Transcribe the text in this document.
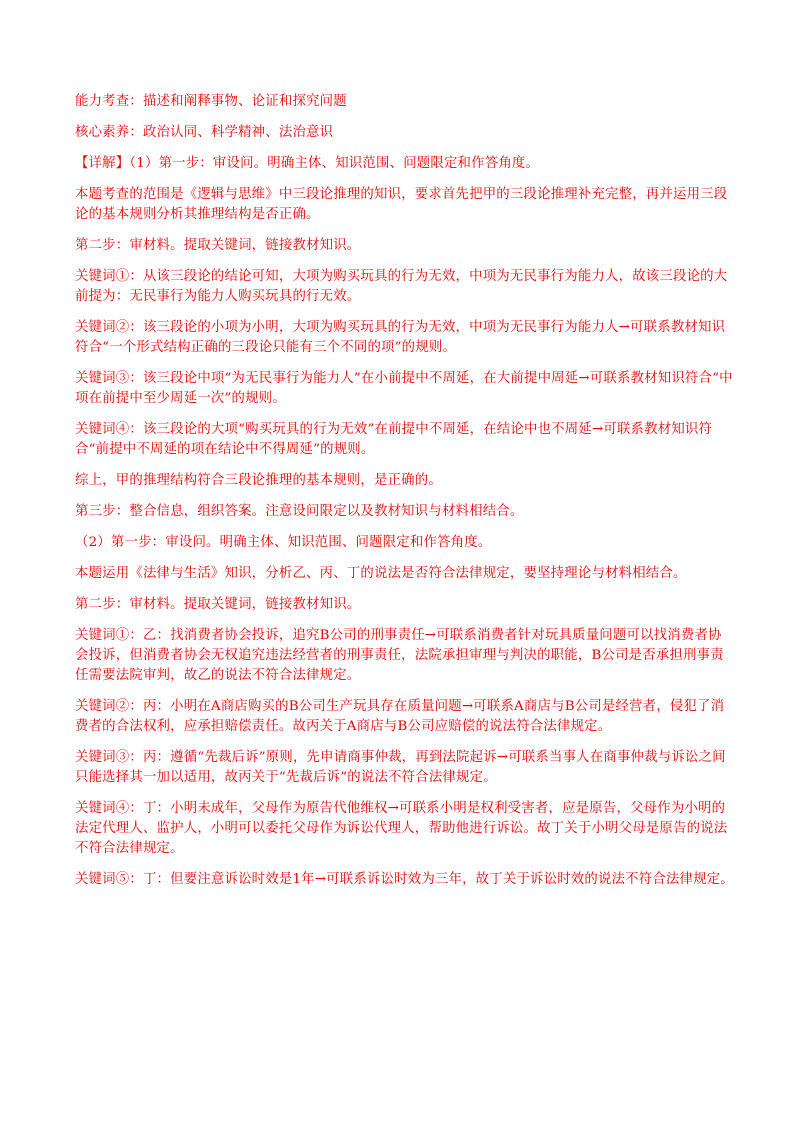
能力考查：描述和阐释事物、论证和探究问题

核心素养：政治认同、科学精神、法治意识

【详解】（1）第一步：审设问。明确主体、知识范围、问题限定和作答角度。

本题考查的范围是《逻辑与思维》中三段论推理的知识，要求首先把甲的三段论推理补充完整，再并运用三段论的基本规则分析其推理结构是否正确。

第二步：审材料。提取关键词，链接教材知识。

关键词①：从该三段论的结论可知，大项为购买玩具的行为无效，中项为无民事行为能力人，故该三段论的大前提为：无民事行为能力人购买玩具的行无效。

关键词②：该三段论的小项为小明，大项为购买玩具的行为无效，中项为无民事行为能力人→可联系教材知识符合“一个形式结构正确的三段论只能有三个不同的项”的规则。

关键词③：该三段论中项“为无民事行为能力人”在小前提中不周延，在大前提中周延→可联系教材知识符合“中项在前提中至少周延一次”的规则。

关键词④：该三段论的大项“购买玩具的行为无效”在前提中不周延，在结论中也不周延→可联系教材知识符合“前提中不周延的项在结论中不得周延”的规则。

综上，甲的推理结构符合三段论推理的基本规则，是正确的。

第三步：整合信息，组织答案。注意设问限定以及教材知识与材料相结合。

（2）第一步：审设问。明确主体、知识范围、问题限定和作答角度。

本题运用《法律与生活》知识，分析乙、丙、丁的说法是否符合法律规定，要坚持理论与材料相结合。

第二步：审材料。提取关键词，链接教材知识。

关键词①：乙：找消费者协会投诉，追究B公司的刑事责任→可联系消费者针对玩具质量问题可以找消费者协会投诉，但消费者协会无权追究违法经营者的刑事责任，法院承担审理与判决的职能，B公司是否承担刑事责任需要法院审判，故乙的说法不符合法律规定。

关键词②：丙：小明在A商店购买的B公司生产玩具存在质量问题→可联系A商店与B公司是经营者，侵犯了消费者的合法权利，应承担赔偿责任。故丙关于A商店与B公司应赔偿的说法符合法律规定。

关键词③：丙：遵循“先裁后诉”原则，先申请商事仲裁，再到法院起诉→可联系当事人在商事仲裁与诉讼之间只能选择其一加以适用，故丙关于“先裁后诉”的说法不符合法律规定。

关键词④：丁：小明未成年，父母作为原告代他维权→可联系小明是权利受害者，应是原告，父母作为小明的法定代理人、监护人，小明可以委托父母作为诉讼代理人，帮助他进行诉讼。故丁关于小明父母是原告的说法不符合法律规定。

关键词⑤：丁：但要注意诉讼时效是1年→可联系诉讼时效为三年，故丁关于诉讼时效的说法不符合法律规定。
